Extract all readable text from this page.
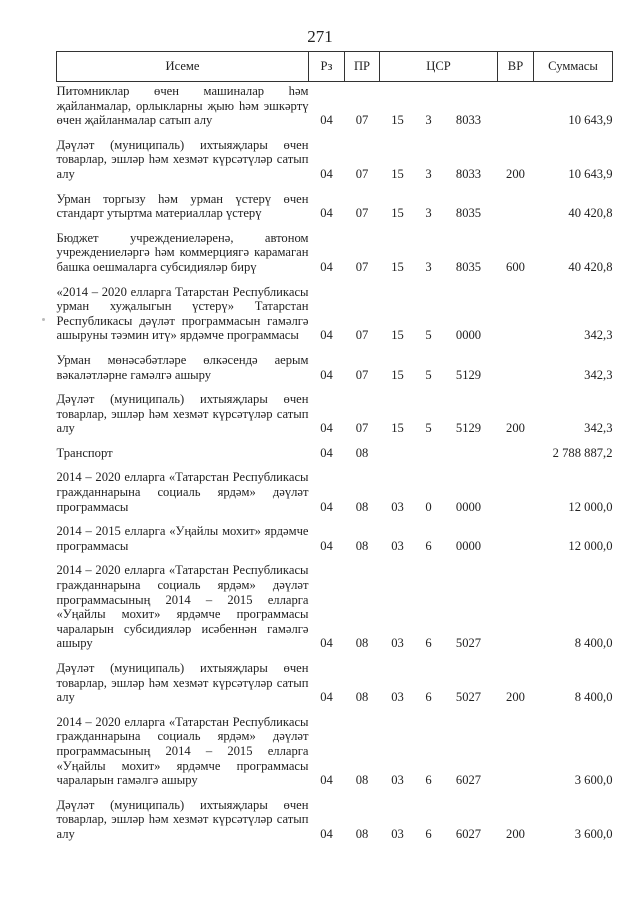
271
Исеме	Рз	ПР	ЦСР	ВР	Суммасы
Питомниклар өчен машиналар һәм җайланмалар, орлыкларны җыю һәм эшкәртү өчен җайланмалар сатып алу	04	07	15 3 8033		10 643,9
Дәүләт (муниципаль) ихтыяҗлары өчен товарлар, эшләр һәм хезмәт күрсәтүләр сатып алу	04	07	15 3 8033	200	10 643,9
Урман торгызу һәм урман үстерү өчен стандарт утыртма материаллар үстерү	04	07	15 3 8035		40 420,8
Бюджет учреждениеләренә, автоном учреждениеләргә һәм коммерциягә карамаган башка оешмаларга субсидияләр бирү	04	07	15 3 8035	600	40 420,8
«2014 – 2020 елларга Татарстан Республикасы урман хуҗалыгын үстерү» Татарстан Республикасы дәүләт программасын гамәлгә ашыруны тәэмин итү» ярдәмче программасы	04	07	15 5 0000		342,3
Урман мөнәсәбәтләре өлкәсендә аерым вәкаләтләрне гамәлгә ашыру	04	07	15 5 5129		342,3
Дәүләт (муниципаль) ихтыяҗлары өчен товарлар, эшләр һәм хезмәт күрсәтүләр сатып алу	04	07	15 5 5129	200	342,3
Транспорт	04	08			2 788 887,2
2014 – 2020 елларга «Татарстан Республикасы гражданнарына социаль ярдәм» дәүләт программасы	04	08	03 0 0000		12 000,0
2014 – 2015 елларга «Уңайлы мохит» ярдәмче программасы	04	08	03 6 0000		12 000,0
2014 – 2020 елларга «Татарстан Республикасы гражданнарына социаль ярдәм» дәүләт программасының 2014 – 2015 елларга «Уңайлы мохит» ярдәмче программасы чараларын субсидияләр исәбеннән гамәлгә ашыру	04	08	03 6 5027		8 400,0
Дәүләт (муниципаль) ихтыяҗлары өчен товарлар, эшләр һәм хезмәт күрсәтүләр сатып алу	04	08	03 6 5027	200	8 400,0
2014 – 2020 елларга «Татарстан Республикасы гражданнарына социаль ярдәм» дәүләт программасының 2014 – 2015 елларга «Уңайлы мохит» ярдәмче программасы чараларын гамәлгә ашыру	04	08	03 6 6027		3 600,0
Дәүләт (муниципаль) ихтыяҗлары өчен товарлар, эшләр һәм хезмәт күрсәтүләр сатып алу	04	08	03 6 6027	200	3 600,0
